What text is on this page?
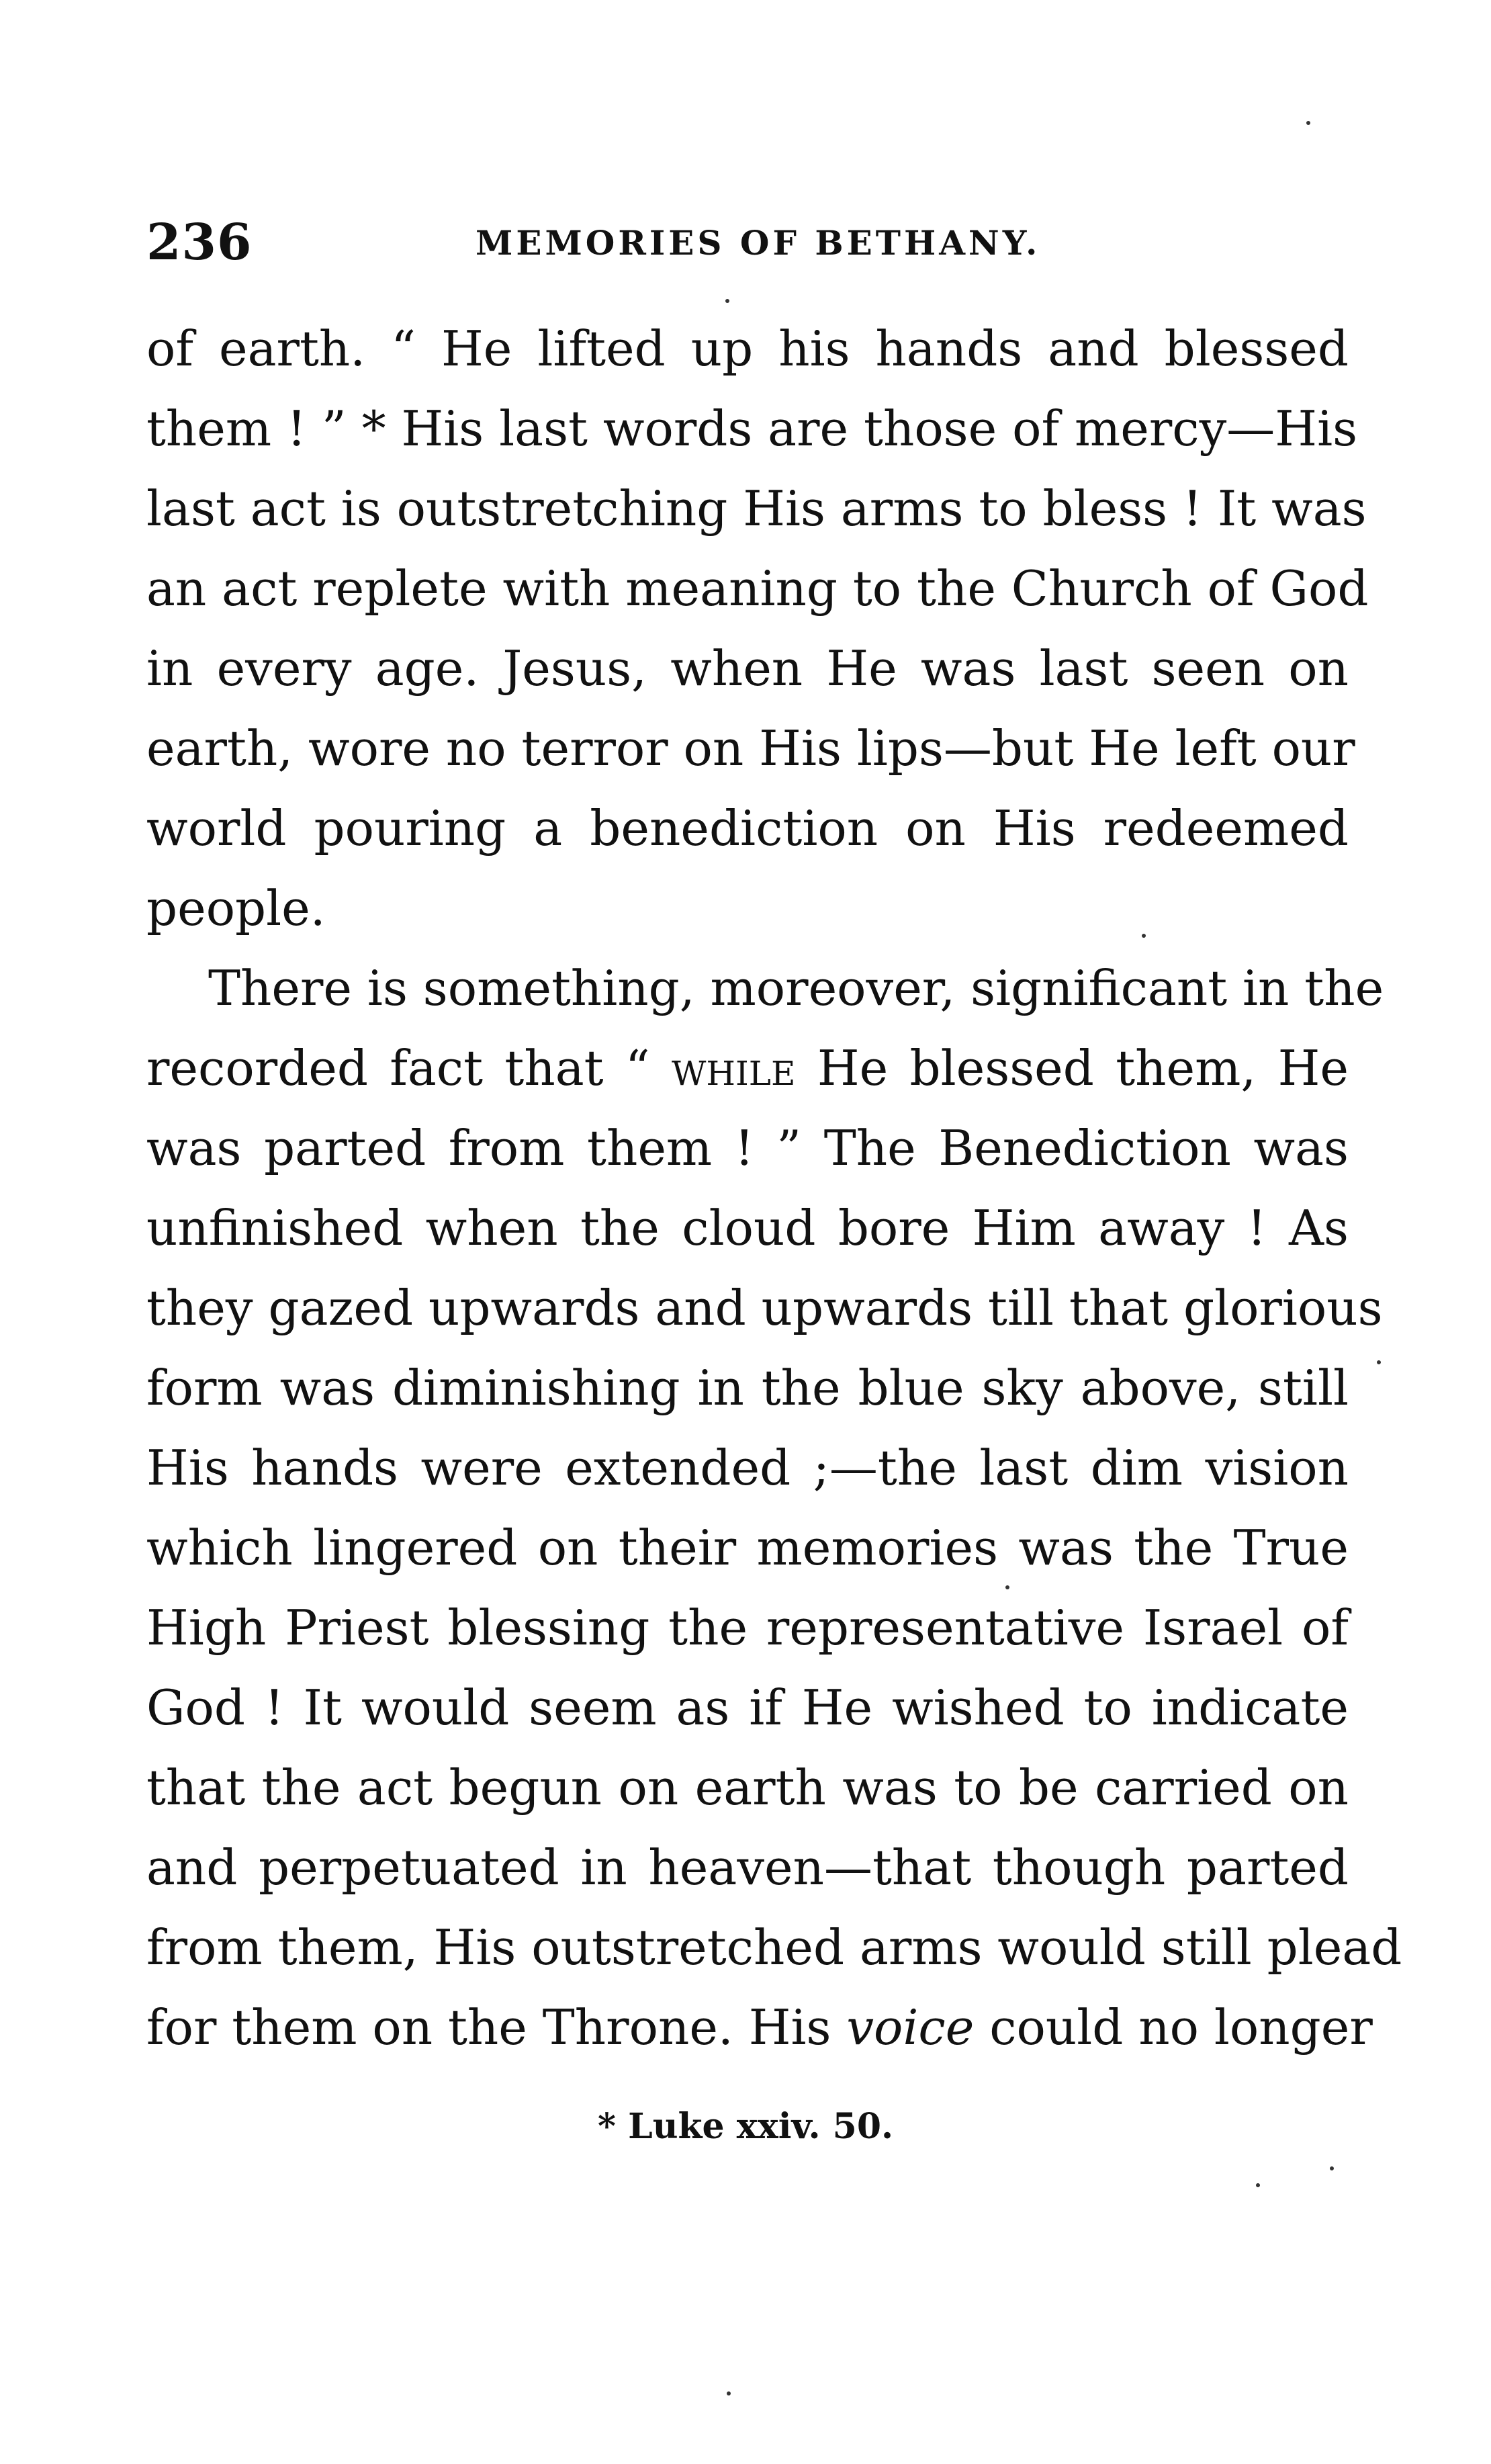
236	MEMORIES OF BETHANY.
of earth. “ He lifted up his hands and blessed
them ! ” * His last words are those of mercy—His
last act is outstretching His arms to bless ! It was
an act replete with meaning to the Church of God
in every age. Jesus, when He was last seen on
earth, wore no terror on His lips—but He left our
world pouring a benediction on His redeemed
people.
There is something, moreover, significant in the
recorded fact that “ while He blessed them, He
was parted from them ! ” The Benediction was
unfinished when the cloud bore Him away ! As
they gazed upwards and upwards till that glorious
form was diminishing in the blue sky above, still
His hands were extended ;—the last dim vision
which lingered on their memories was the True
High Priest blessing the representative Israel of
God ! It would seem as if He wished to indicate
that the act begun on earth was to be carried on
and perpetuated in heaven—that though parted
from them, His outstretched arms would still plead
for them on the Throne. His voice could no longer
* Luke xxiv. 50.
